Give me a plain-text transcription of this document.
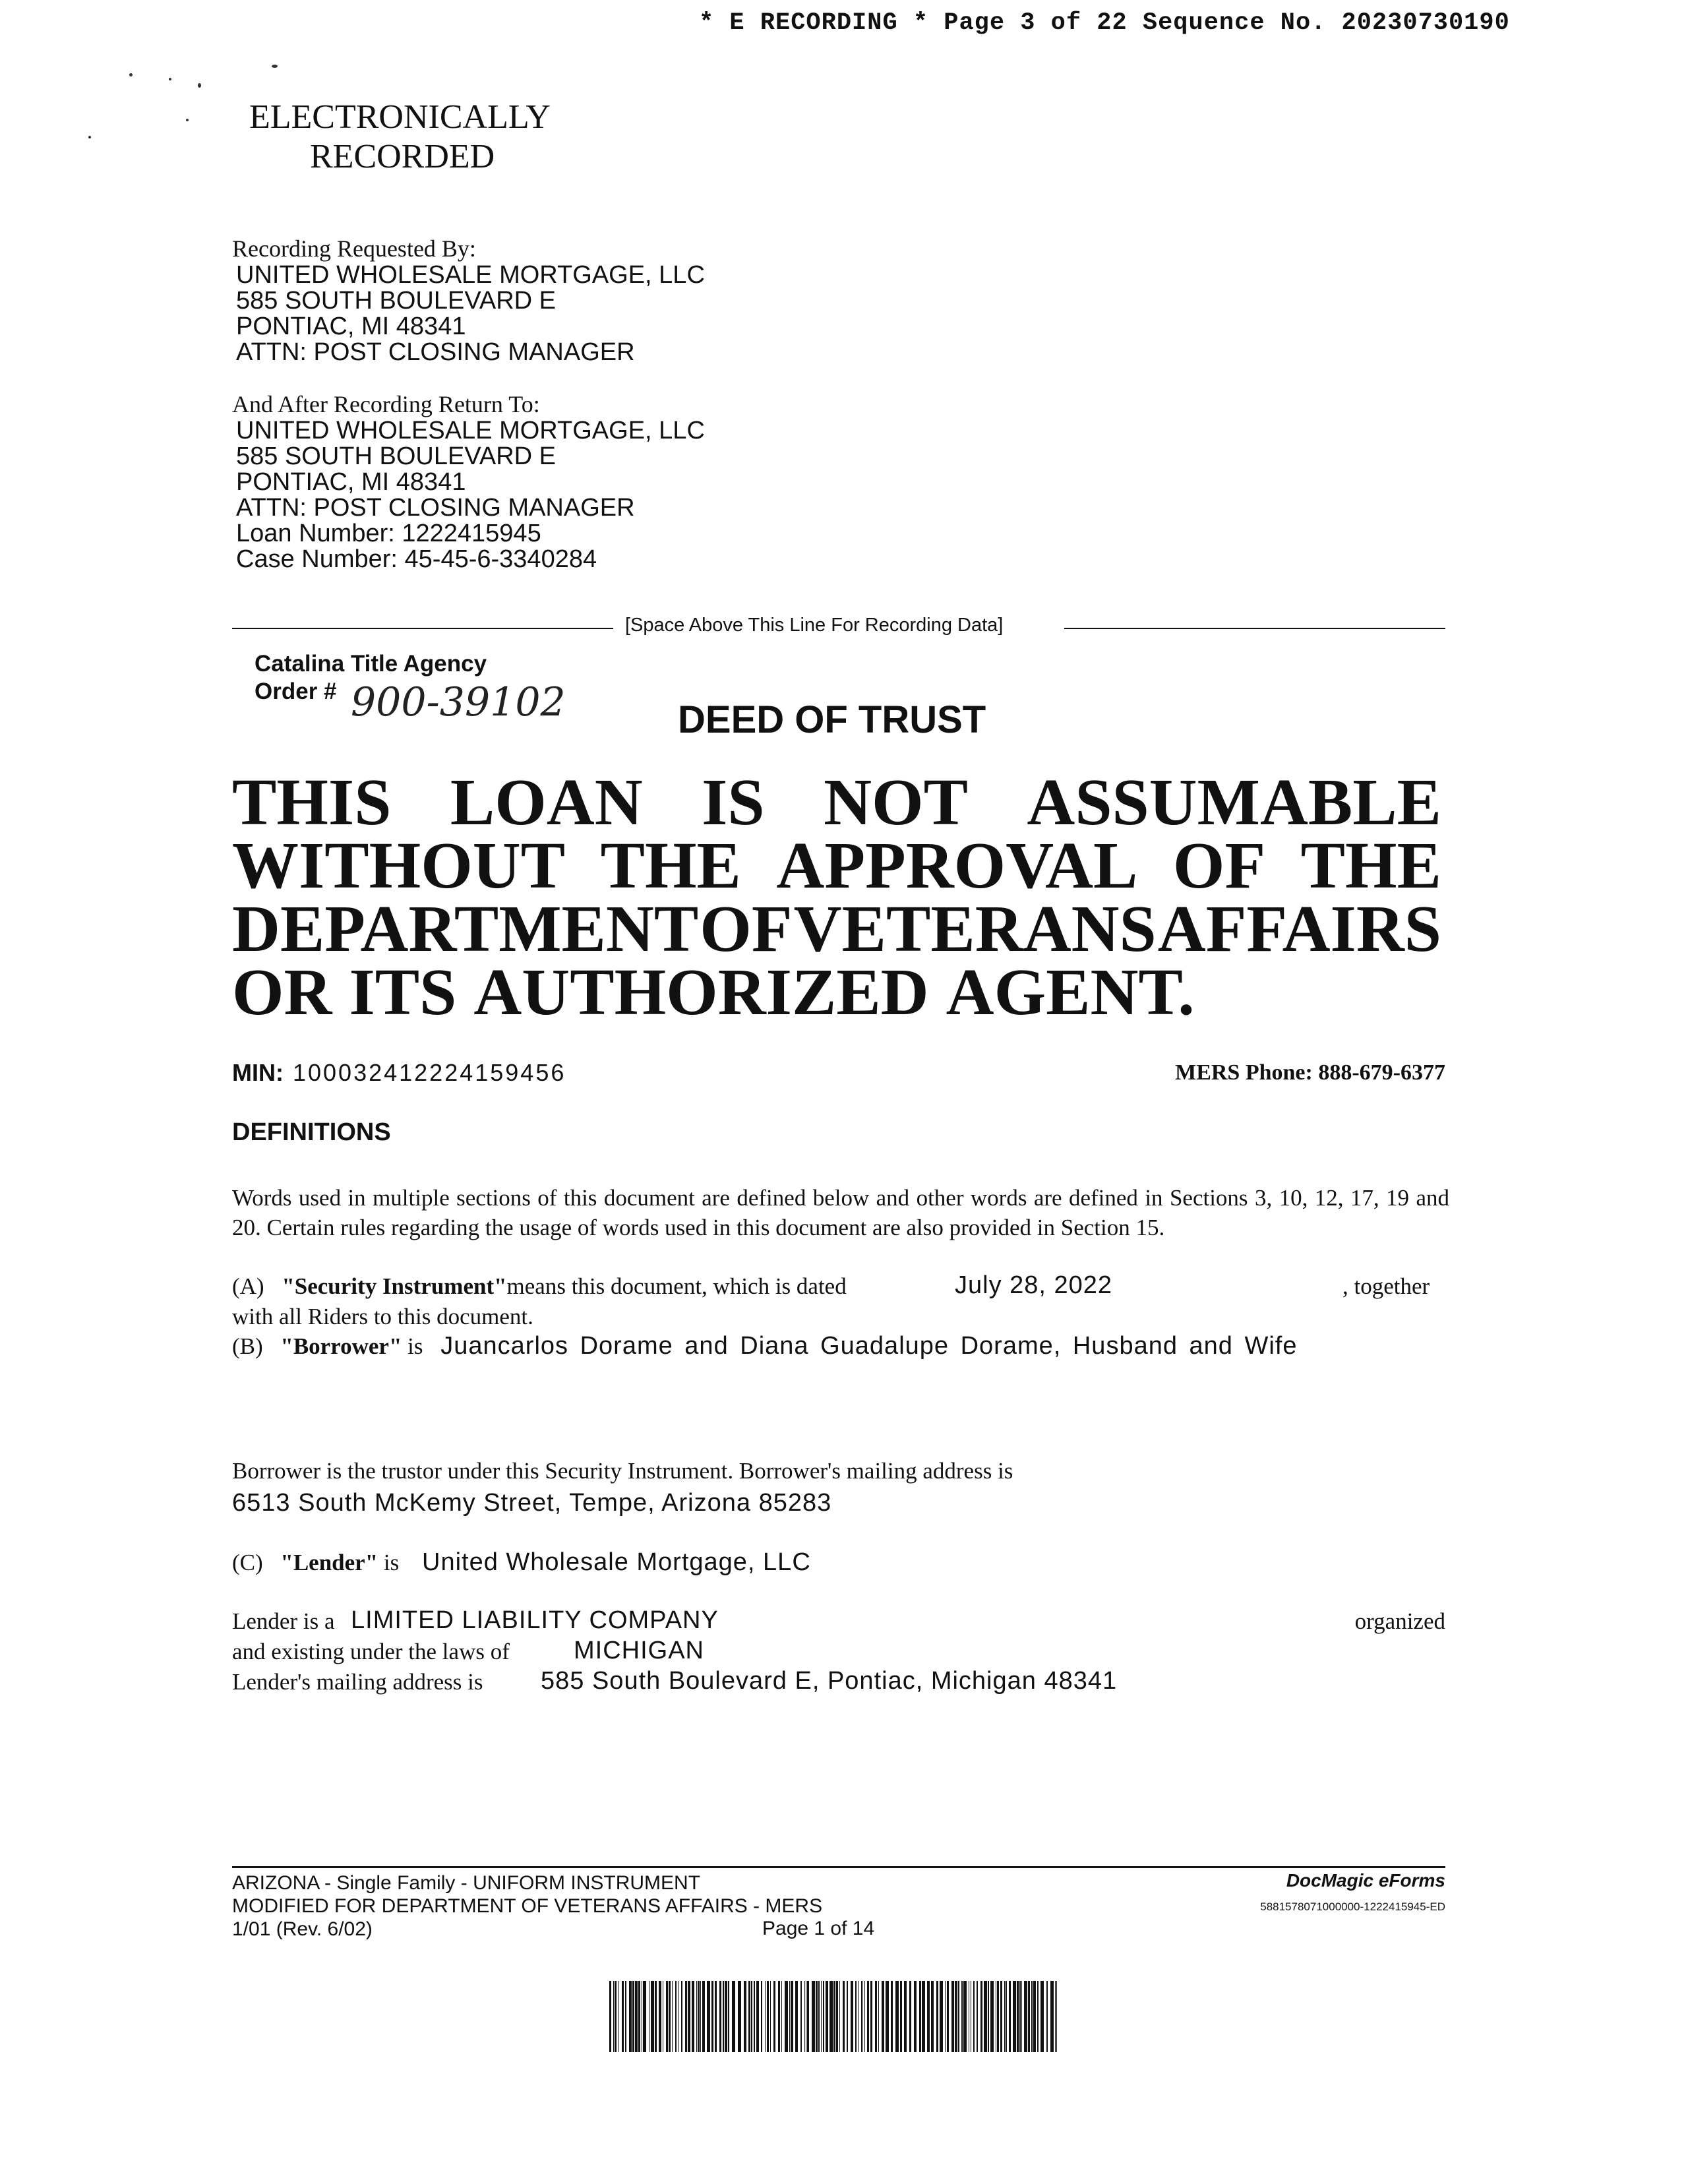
* E RECORDING * Page 3 of 22 Sequence No. 20230730190
ELECTRONICALLY
RECORDED
Recording Requested By:
UNITED WHOLESALE MORTGAGE, LLC
585 SOUTH BOULEVARD E
PONTIAC, MI 48341
ATTN: POST CLOSING MANAGER
And After Recording Return To:
UNITED WHOLESALE MORTGAGE, LLC
585 SOUTH BOULEVARD E
PONTIAC, MI 48341
ATTN: POST CLOSING MANAGER
Loan Number: 1222415945
Case Number: 45-45-6-3340284
[Space Above This Line For Recording Data]
Catalina Title Agency
Order # 900-39102	DEED OF TRUST
THIS LOAN IS NOT ASSUMABLE
WITHOUT THE APPROVAL OF THE
DEPARTMENT OF VETERANS AFFAIRS
OR ITS AUTHORIZED AGENT.
MIN: 100032412224159456	MERS Phone: 888-679-6377
DEFINITIONS
Words used in multiple sections of this document are defined below and other words are defined in Sections 3, 10, 12, 17, 19 and 20. Certain rules regarding the usage of words used in this document are also provided in Section 15.
(A) "Security Instrument"means this document, which is dated	July 28, 2022	, together
with all Riders to this document.
(B) "Borrower" is Juancarlos Dorame and Diana Guadalupe Dorame, Husband and Wife
Borrower is the trustor under this Security Instrument. Borrower's mailing address is
6513 South McKemy Street, Tempe, Arizona 85283
(C) "Lender" is United Wholesale Mortgage, LLC
Lender is a LIMITED LIABILITY COMPANY	organized
and existing under the laws of	MICHIGAN
Lender's mailing address is 585 South Boulevard E, Pontiac, Michigan 48341
ARIZONA - Single Family - UNIFORM INSTRUMENT
MODIFIED FOR DEPARTMENT OF VETERANS AFFAIRS - MERS
1/01 (Rev. 6/02)	Page 1 of 14
DocMagic eForms
5881578071000000-1222415945-ED
